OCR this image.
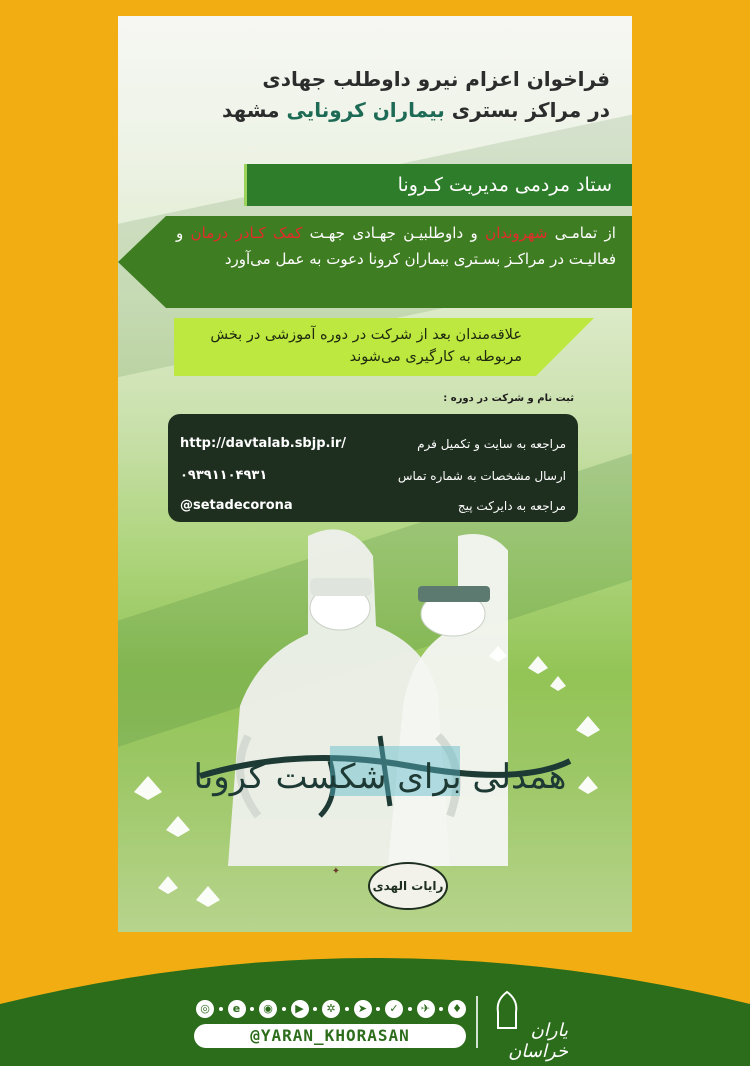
فراخوان اعزام نیرو داوطلب جهادی
در مراکز بستری بیماران کرونایی مشهد
ستاد مردمی مدیریت کـرونا
از تمامـی شهروندان و داوطلبیـن جهـادی جهـت کمک کـادر درمان و فعالیـت در مراکـز بسـتری بیماران کرونا دعوت به عمل می‌آورد
علاقه‌مندان بعد از شرکت در دوره آموزشی در بخش مربوطه به کارگیری می‌شوند
ثبت نام و شرکت در دوره :
http://davtalab.sbjp.ir/	مراجعه به سایت و تکمیل فرم
۰۹۳۹۱۱۰۴۹۳۱	ارسال مشخصات به شماره تماس
@setadecorona	مراجعه به دایرکت پیج
همدلی برای شکست کرونا
✦
رایات الهدی
◎	e	◉	▶	✲	➤	✓	✈	♦
@YARAN_KHORASAN	یاران خراسان
